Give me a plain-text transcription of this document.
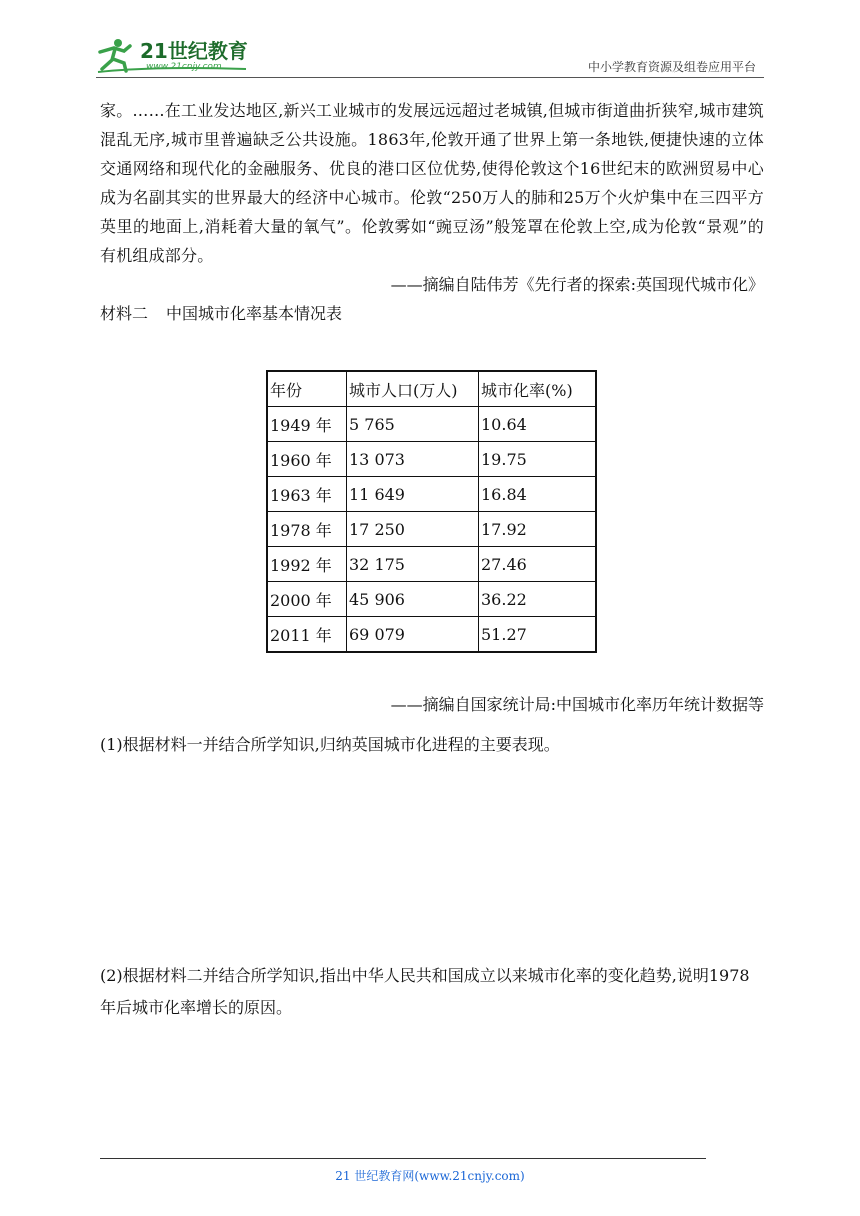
21世纪教育
www.21cnjy.com	中小学教育资源及组卷应用平台

家。……在工业发达地区,新兴工业城市的发展远远超过老城镇,但城市街道曲折狭窄,城市建筑混乱无序,城市里普遍缺乏公共设施。1863年,伦敦开通了世界上第一条地铁,便捷快速的立体交通网络和现代化的金融服务、优良的港口区位优势,使得伦敦这个16世纪末的欧洲贸易中心成为名副其实的世界最大的经济中心城市。伦敦“250万人的肺和25万个火炉集中在三四平方英里的地面上,消耗着大量的氧气”。伦敦雾如“豌豆汤”般笼罩在伦敦上空,成为伦敦“景观”的有机组成部分。

——摘编自陆伟芳《先行者的探索:英国现代城市化》

材料二 中国城市化率基本情况表

年份	城市人口(万人)	城市化率(%)
1949 年	5 765	10.64
1960 年	13 073	19.75
1963 年	11 649	16.84
1978 年	17 250	17.92
1992 年	32 175	27.46
2000 年	45 906	36.22
2011 年	69 079	51.27
——摘编自国家统计局:中国城市化率历年统计数据等
(1)根据材料一并结合所学知识,归纳英国城市化进程的主要表现。

(2)根据材料二并结合所学知识,指出中华人民共和国成立以来城市化率的变化趋势,说明1978年后城市化率增长的原因。

21 世纪教育网(www.21cnjy.com)
